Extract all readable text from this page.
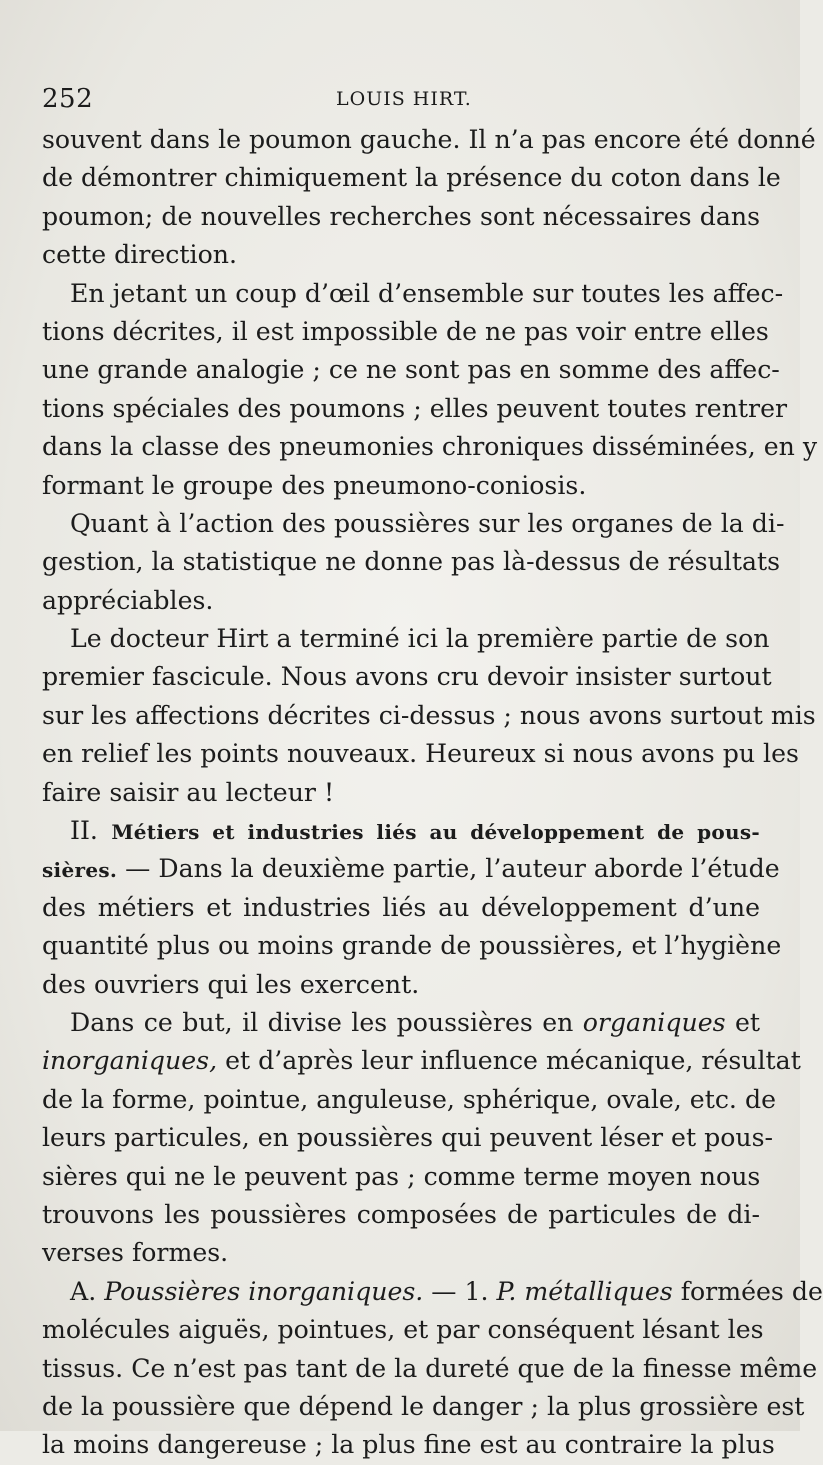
252	LOUIS HIRT.
souvent dans le poumon gauche. Il n’a pas encore été donné
de démontrer chimiquement la présence du coton dans le
poumon; de nouvelles recherches sont nécessaires dans
cette direction.
En jetant un coup d’œil d’ensemble sur toutes les affec-
tions décrites, il est impossible de ne pas voir entre elles
une grande analogie ; ce ne sont pas en somme des affec-
tions spéciales des poumons ; elles peuvent toutes rentrer
dans la classe des pneumonies chroniques disséminées, en y
formant le groupe des pneumono-coniosis.
Quant à l’action des poussières sur les organes de la di-
gestion, la statistique ne donne pas là-dessus de résultats
appréciables.
Le docteur Hirt a terminé ici la première partie de son
premier fascicule. Nous avons cru devoir insister surtout
sur les affections décrites ci-dessus ; nous avons surtout mis
en relief les points nouveaux. Heureux si nous avons pu les
faire saisir au lecteur !
II. Métiers et industries liés au développement de pous-
sières. — Dans la deuxième partie, l’auteur aborde l’étude
des métiers et industries liés au développement d’une
quantité plus ou moins grande de poussières, et l’hygiène
des ouvriers qui les exercent.
Dans ce but, il divise les poussières en organiques et
inorganiques, et d’après leur influence mécanique, résultat
de la forme, pointue, anguleuse, sphérique, ovale, etc. de
leurs particules, en poussières qui peuvent léser et pous-
sières qui ne le peuvent pas ; comme terme moyen nous
trouvons les poussières composées de particules de di-
verses formes.
A. Poussières inorganiques. — 1. P. métalliques formées de
molécules aiguës, pointues, et par conséquent lésant les
tissus. Ce n’est pas tant de la dureté que de la finesse même
de la poussière que dépend le danger ; la plus grossière est
la moins dangereuse ; la plus fine est au contraire la plus
